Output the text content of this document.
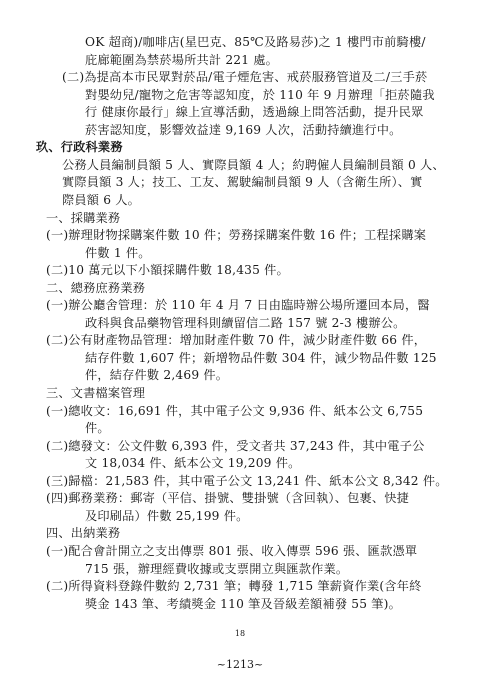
OK 超商)/咖啡店(星巴克、85℃及路易莎)之 1 樓門市前騎樓/
庇廊範圍為禁菸場所共計 221 處。
(二)為提高本市民眾對菸品/電子煙危害、戒菸服務管道及二/三手菸
對嬰幼兒/寵物之危害等認知度，於 110 年 9 月辦理「拒菸隨我
行 健康你最行」線上宣導活動，透過線上問答活動，提升民眾
菸害認知度，影響效益達 9,169 人次，活動持續進行中。
玖、行政科業務
公務人員編制員額 5 人、實際員額 4 人；約聘僱人員編制員額 0 人、
實際員額 3 人；技工、工友、駕駛編制員額 9 人（含衛生所）、實
際員額 6 人。
一、採購業務
(一)辦理財物採購案件數 10 件；勞務採購案件數 16 件；工程採購案
件數 1 件。
(二)10 萬元以下小額採購件數 18,435 件。
二、總務庶務業務
(一)辦公廳舍管理：於 110 年 4 月 7 日由臨時辦公場所遷回本局，醫
政科與食品藥物管理科則續留信二路 157 號 2-3 樓辦公。
(二)公有財產物品管理：增加財產件數 70 件，減少財產件數 66 件，
結存件數 1,607 件；新增物品件數 304 件，減少物品件數 125
件，結存件數 2,469 件。
三、文書檔案管理
(一)總收文：16,691 件，其中電子公文 9,936 件、紙本公文 6,755
件。
(二)總發文：公文件數 6,393 件，受文者共 37,243 件，其中電子公
文 18,034 件、紙本公文 19,209 件。
(三)歸檔：21,583 件，其中電子公文 13,241 件、紙本公文 8,342 件。
(四)郵務業務：郵寄（平信、掛號、雙掛號（含回執）、包裹、快捷
及印刷品）件數 25,199 件。
四、出納業務
(一)配合會計開立之支出傳票 801 張、收入傳票 596 張、匯款憑單
715 張，辦理經費收據或支票開立與匯款作業。
(二)所得資料登錄件數約 2,731 筆；轉發 1,715 筆薪資作業(含年終
獎金 143 筆、考績獎金 110 筆及晉級差額補發 55 筆)。
18
~1213~
